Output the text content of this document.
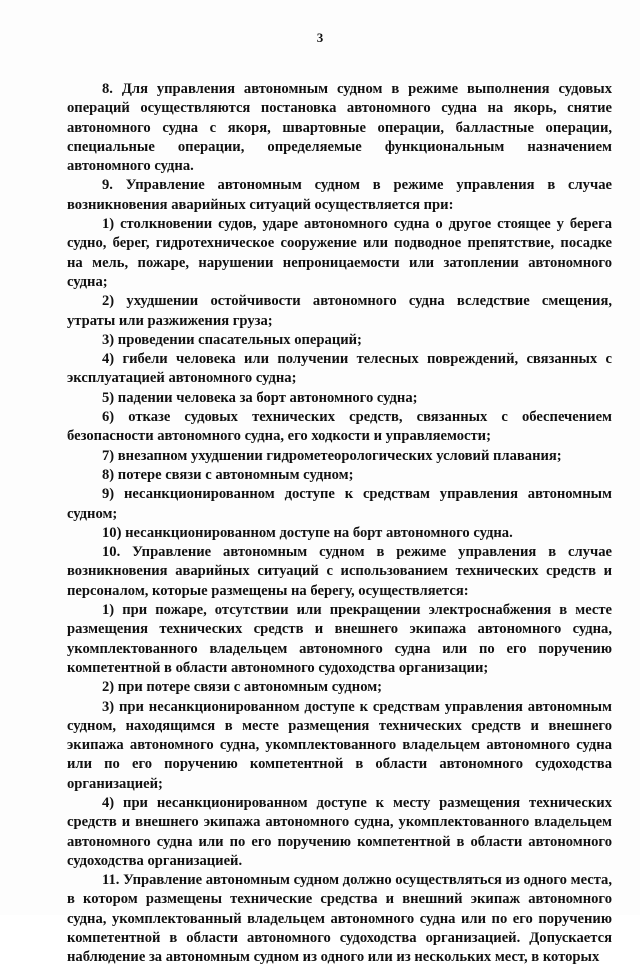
3

8. Для управления автономным судном в режиме выполнения судовых операций осуществляются постановка автономного судна на якорь, снятие автономного судна с якоря, швартовные операции, балластные операции, специальные операции, определяемые функциональным назначением автономного судна.

9. Управление автономным судном в режиме управления в случае возникновения аварийных ситуаций осуществляется при:

1) столкновении судов, ударе автономного судна о другое стоящее у берега судно, берег, гидротехническое сооружение или подводное препятствие, посадке на мель, пожаре, нарушении непроницаемости или затоплении автономного судна;

2) ухудшении остойчивости автономного судна вследствие смещения, утраты или разжижения груза;

3) проведении спасательных операций;

4) гибели человека или получении телесных повреждений, связанных с эксплуатацией автономного судна;

5) падении человека за борт автономного судна;

6) отказе судовых технических средств, связанных с обеспечением безопасности автономного судна, его ходкости и управляемости;

7) внезапном ухудшении гидрометеорологических условий плавания;

8) потере связи с автономным судном;

9) несанкционированном доступе к средствам управления автономным судном;

10) несанкционированном доступе на борт автономного судна.

10. Управление автономным судном в режиме управления в случае возникновения аварийных ситуаций с использованием технических средств и персоналом, которые размещены на берегу, осуществляется:

1) при пожаре, отсутствии или прекращении электроснабжения в месте размещения технических средств и внешнего экипажа автономного судна, укомплектованного владельцем автономного судна или по его поручению компетентной в области автономного судоходства организации;

2) при потере связи с автономным судном;

3) при несанкционированном доступе к средствам управления автономным судном, находящимся в месте размещения технических средств и внешнего экипажа автономного судна, укомплектованного владельцем автономного судна или по его поручению компетентной в области автономного судоходства организацией;

4) при несанкционированном доступе к месту размещения технических средств и внешнего экипажа автономного судна, укомплектованного владельцем автономного судна или по его поручению компетентной в области автономного судоходства организацией.

11. Управление автономным судном должно осуществляться из одного места, в котором размещены технические средства и внешний экипаж автономного судна, укомплектованный владельцем автономного судна или по его поручению компетентной в области автономного судоходства организацией. Допускается наблюдение за автономным судном из одного или из нескольких мест, в которых
